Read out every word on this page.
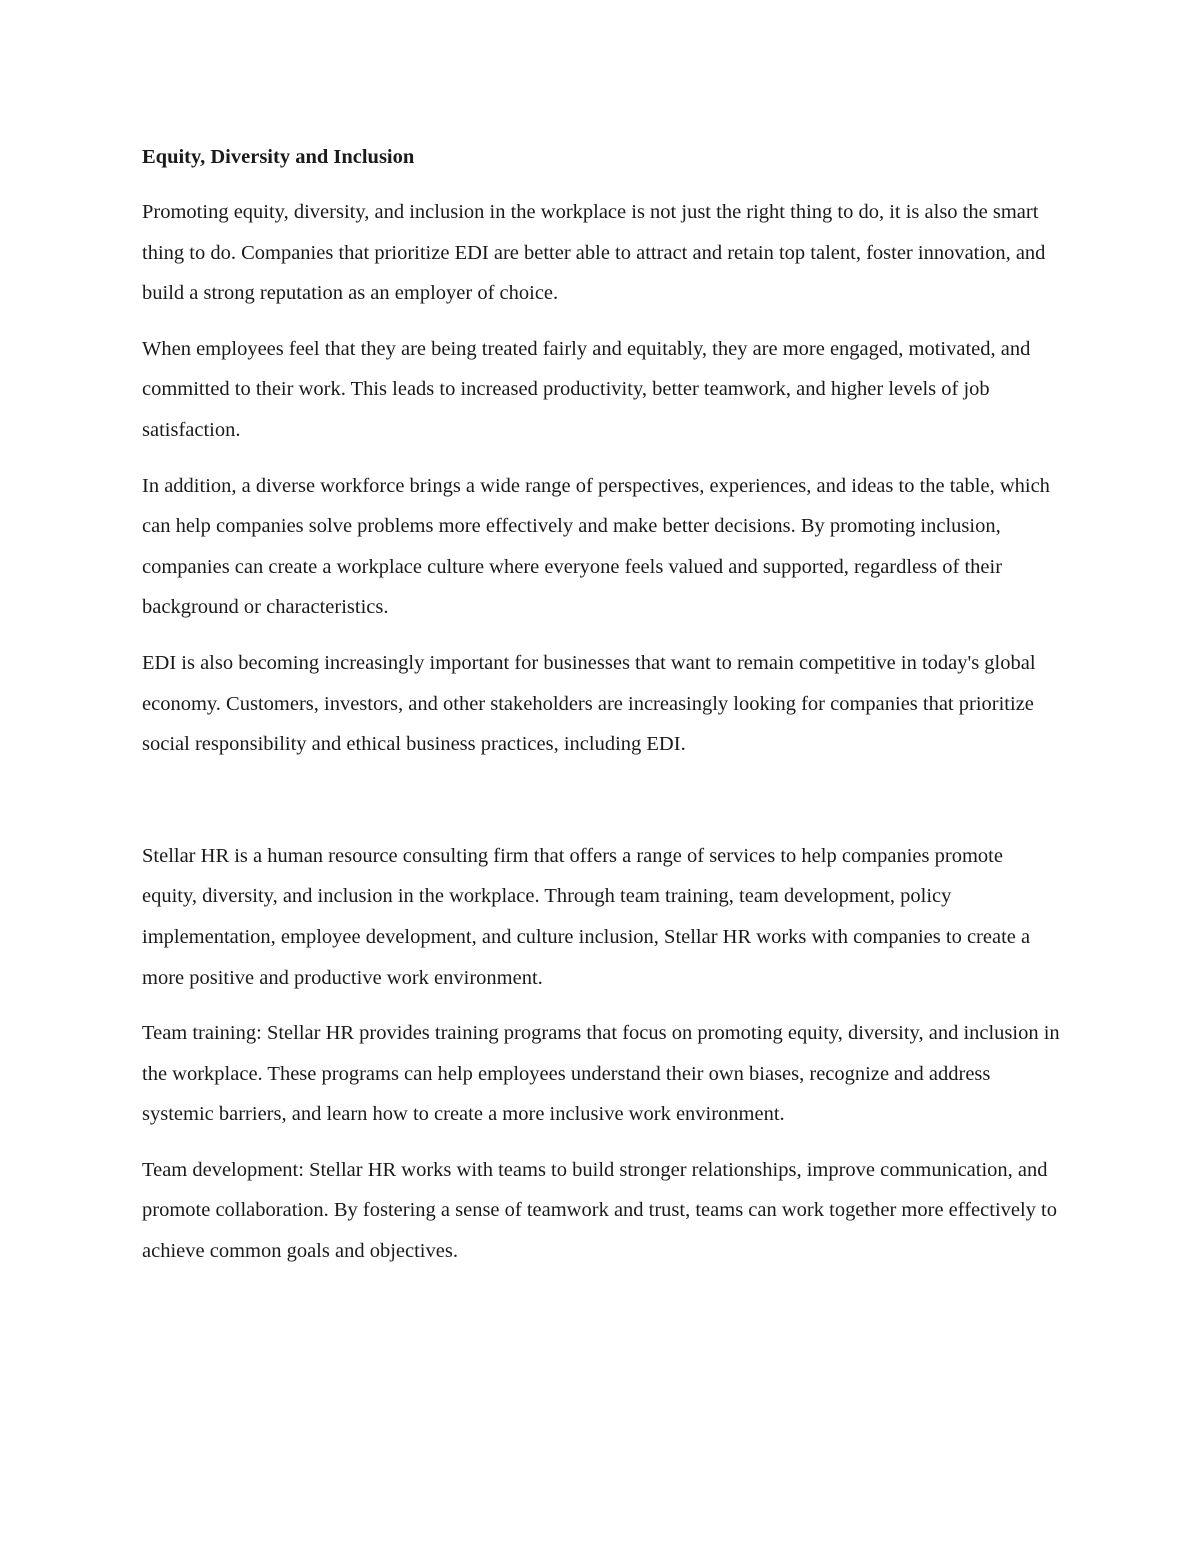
Equity, Diversity and Inclusion

Promoting equity, diversity, and inclusion in the workplace is not just the right thing to do, it is also the smart thing to do. Companies that prioritize EDI are better able to attract and retain top talent, foster innovation, and build a strong reputation as an employer of choice.

When employees feel that they are being treated fairly and equitably, they are more engaged, motivated, and committed to their work. This leads to increased productivity, better teamwork, and higher levels of job satisfaction.

In addition, a diverse workforce brings a wide range of perspectives, experiences, and ideas to the table, which can help companies solve problems more effectively and make better decisions. By promoting inclusion, companies can create a workplace culture where everyone feels valued and supported, regardless of their background or characteristics.

EDI is also becoming increasingly important for businesses that want to remain competitive in today's global economy. Customers, investors, and other stakeholders are increasingly looking for companies that prioritize social responsibility and ethical business practices, including EDI.

Stellar HR is a human resource consulting firm that offers a range of services to help companies promote equity, diversity, and inclusion in the workplace. Through team training, team development, policy implementation, employee development, and culture inclusion, Stellar HR works with companies to create a more positive and productive work environment.

Team training: Stellar HR provides training programs that focus on promoting equity, diversity, and inclusion in the workplace. These programs can help employees understand their own biases, recognize and address systemic barriers, and learn how to create a more inclusive work environment.

Team development: Stellar HR works with teams to build stronger relationships, improve communication, and promote collaboration. By fostering a sense of teamwork and trust, teams can work together more effectively to achieve common goals and objectives.
